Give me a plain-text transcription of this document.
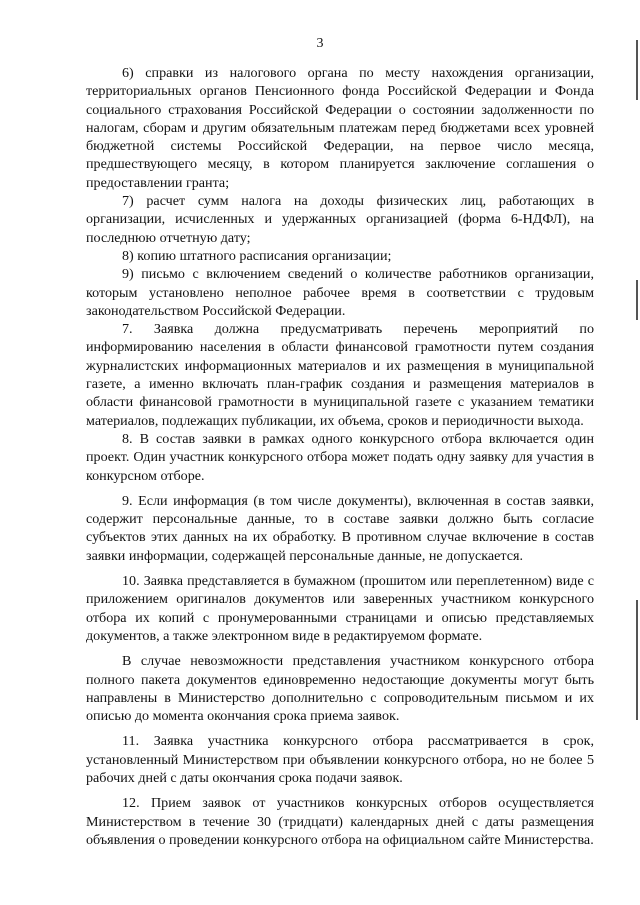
3

6) справки из налогового органа по месту нахождения организации, территориальных органов Пенсионного фонда Российской Федерации и Фонда социального страхования Российской Федерации о состоянии задолженности по налогам, сборам и другим обязательным платежам перед бюджетами всех уровней бюджетной системы Российской Федерации, на первое число месяца, предшествующего месяцу, в котором планируется заключение соглашения о предоставлении гранта;

7) расчет сумм налога на доходы физических лиц, работающих в организации, исчисленных и удержанных организацией (форма 6-НДФЛ), на последнюю отчетную дату;

8) копию штатного расписания организации;

9) письмо с включением сведений о количестве работников организации, которым установлено неполное рабочее время в соответствии с трудовым законодательством Российской Федерации.

7. Заявка должна предусматривать перечень мероприятий по информированию населения в области финансовой грамотности путем создания журналистских информационных материалов и их размещения в муниципальной газете, а именно включать план-график создания и размещения материалов в области финансовой грамотности в муниципальной газете с указанием тематики материалов, подлежащих публикации, их объема, сроков и периодичности выхода.

8. В состав заявки в рамках одного конкурсного отбора включается один проект. Один участник конкурсного отбора может подать одну заявку для участия в конкурсном отборе.

9. Если информация (в том числе документы), включенная в состав заявки, содержит персональные данные, то в составе заявки должно быть согласие субъектов этих данных на их обработку. В противном случае включение в состав заявки информации, содержащей персональные данные, не допускается.

10. Заявка представляется в бумажном (прошитом или переплетенном) виде с приложением оригиналов документов или заверенных участником конкурсного отбора их копий с пронумерованными страницами и описью представляемых документов, а также электронном виде в редактируемом формате.

В случае невозможности представления участником конкурсного отбора полного пакета документов единовременно недостающие документы могут быть направлены в Министерство дополнительно с сопроводительным письмом и их описью до момента окончания срока приема заявок.

11. Заявка участника конкурсного отбора рассматривается в срок, установленный Министерством при объявлении конкурсного отбора, но не более 5 рабочих дней с даты окончания срока подачи заявок.

12. Прием заявок от участников конкурсных отборов осуществляется Министерством в течение 30 (тридцати) календарных дней с даты размещения объявления о проведении конкурсного отбора на официальном сайте Министерства.
